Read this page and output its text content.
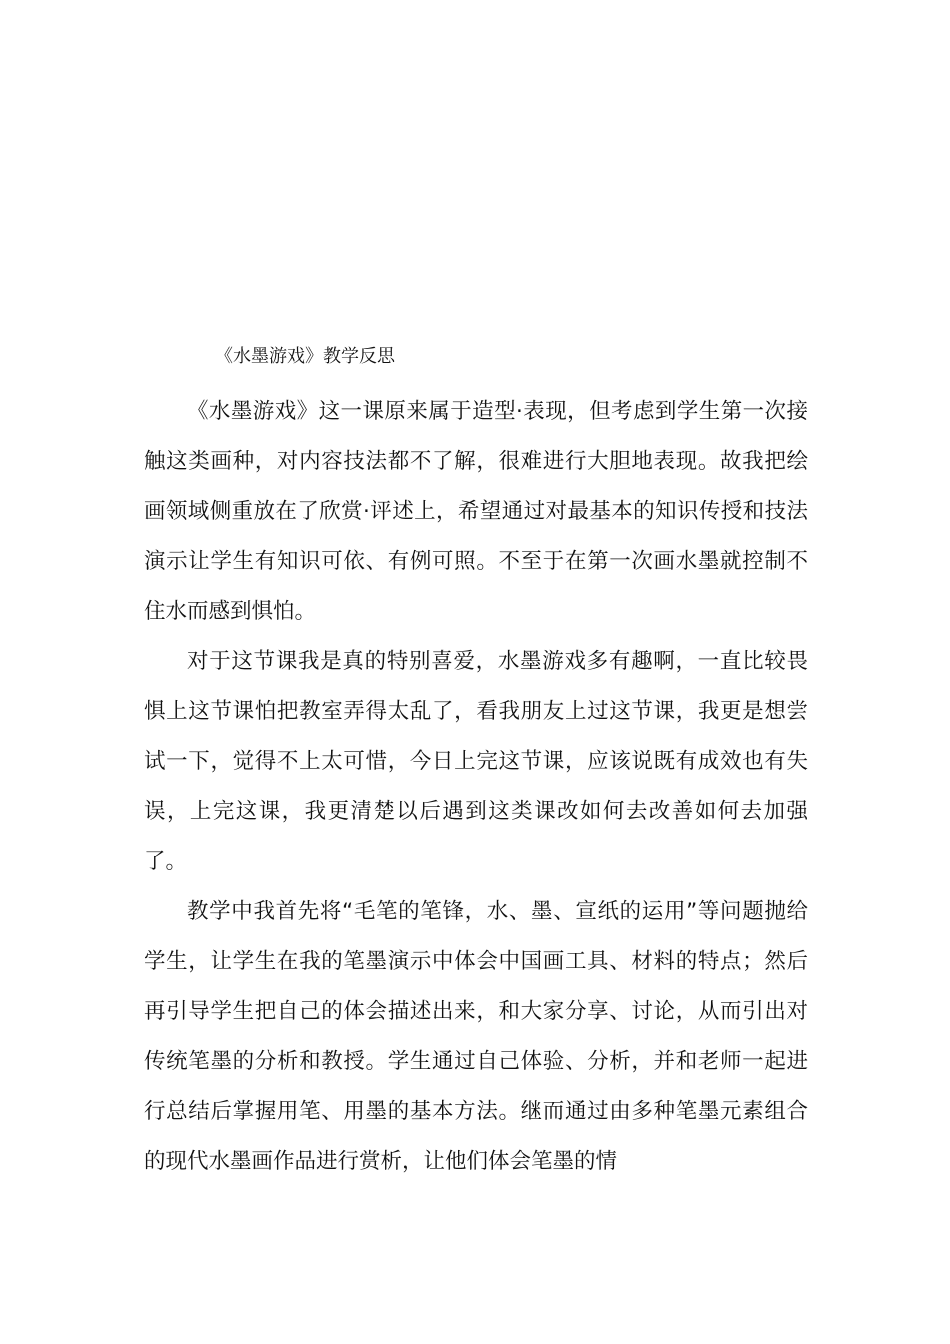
《水墨游戏》教学反思

《水墨游戏》这一课原来属于造型·表现，但考虑到学生第一次接触这类画种，对内容技法都不了解，很难进行大胆地表现。故我把绘画领域侧重放在了欣赏·评述上，希望通过对最基本的知识传授和技法演示让学生有知识可依、有例可照。不至于在第一次画水墨就控制不住水而感到惧怕。

对于这节课我是真的特别喜爱，水墨游戏多有趣啊，一直比较畏惧上这节课怕把教室弄得太乱了，看我朋友上过这节课，我更是想尝试一下，觉得不上太可惜，今日上完这节课，应该说既有成效也有失误，上完这课，我更清楚以后遇到这类课改如何去改善如何去加强了。

教学中我首先将“毛笔的笔锋，水、墨、宣纸的运用”等问题抛给学生，让学生在我的笔墨演示中体会中国画工具、材料的特点；然后再引导学生把自己的体会描述出来，和大家分享、讨论，从而引出对传统笔墨的分析和教授。学生通过自己体验、分析，并和老师一起进行总结后掌握用笔、用墨的基本方法。继而通过由多种笔墨元素组合的现代水墨画作品进行赏析，让他们体会笔墨的情
